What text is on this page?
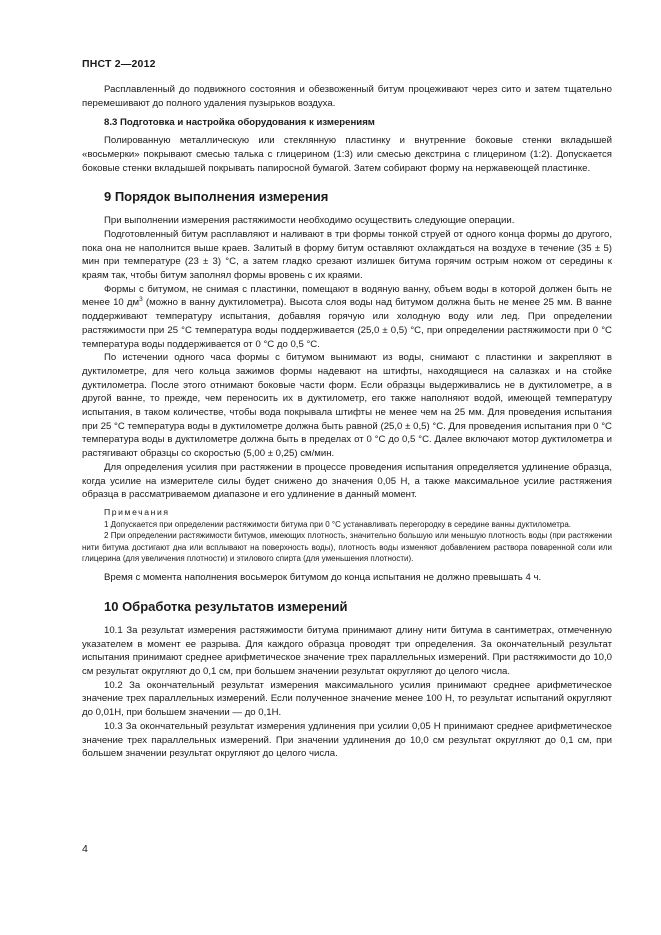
ПНСТ 2—2012

Расплавленный до подвижного состояния и обезвоженный битум процеживают через сито и затем тщательно перемешивают до полного удаления пузырьков воздуха.

8.3 Подготовка и настройка оборудования к измерениям

Полированную металлическую или стеклянную пластинку и внутренние боковые стенки вкладышей «восьмерки» покрывают смесью талька с глицерином (1:3) или смесью декстрина с глицерином (1:2). Допускается боковые стенки вкладышей покрывать папиросной бумагой. Затем собирают форму на нержавеющей пластинке.

9 Порядок выполнения измерения

При выполнении измерения растяжимости необходимо осуществить следующие операции.

Подготовленный битум расплавляют и наливают в три формы тонкой струей от одного конца формы до другого, пока она не наполнится выше краев. Залитый в форму битум оставляют охлаждаться на воздухе в течение (35 ± 5) мин при температуре (23 ± 3) °С, а затем гладко срезают излишек битума горячим острым ножом от середины к краям так, чтобы битум заполнял формы вровень с их краями.

Формы с битумом, не снимая с пластинки, помещают в водяную ванну, объем воды в которой должен быть не менее 10 $дм^3$ (можно в ванну дуктилометра). Высота слоя воды над битумом должна быть не менее 25 мм. В ванне поддерживают температуру испытания, добавляя горячую или холодную воду или лед. При определении растяжимости при 25 °С температура воды поддерживается (25,0 ± 0,5) °С, при определении растяжимости при 0 °С температура воды поддерживается от 0 °С до 0,5 °С.

По истечении одного часа формы с битумом вынимают из воды, снимают с пластинки и закрепляют в дуктилометре, для чего кольца зажимов формы надевают на штифты, находящиеся на салазках и на стойке дуктилометра. После этого отнимают боковые части форм. Если образцы выдерживались не в дуктилометре, а в другой ванне, то прежде, чем переносить их в дуктилометр, его также наполняют водой, имеющей температуру испытания, в таком количестве, чтобы вода покрывала штифты не менее чем на 25 мм. Для проведения испытания при 25 °С температура воды в дуктилометре должна быть равной (25,0 ± 0,5) °С. Для проведения испытания при 0 °С температура воды в дуктилометре должна быть в пределах от 0 °С до 0,5 °С. Далее включают мотор дуктилометра и растягивают образцы со скоростью (5,00 ± 0,25) см/мин.

Для определения усилия при растяжении в процессе проведения испытания определяется удлинение образца, когда усилие на измерителе силы будет снижено до значения 0,05 Н, а также максимальное усилие растяжения образца в рассматриваемом диапазоне и его удлинение в данный момент.

Примечания

1 Допускается при определении растяжимости битума при 0 °С устанавливать перегородку в середине ванны дуктилометра.

2 При определении растяжимости битумов, имеющих плотность, значительно большую или меньшую плотность воды (при растяжении нити битума достигают дна или всплывают на поверхность воды), плотность воды изменяют добавлением раствора поваренной соли или глицерина (для увеличения плотности) и этилового спирта (для уменьшения плотности).

Время с момента наполнения восьмерок битумом до конца испытания не должно превышать 4 ч.

10 Обработка результатов измерений

10.1 За результат измерения растяжимости битума принимают длину нити битума в сантиметрах, отмеченную указателем в момент ее разрыва. Для каждого образца проводят три определения. За окончательный результат испытания принимают среднее арифметическое значение трех параллельных измерений. При растяжимости до 10,0 см результат округляют до 0,1 см, при большем значении результат округляют до целого числа.

10.2 За окончательный результат измерения максимального усилия принимают среднее арифметическое значение трех параллельных измерений. Если полученное значение менее 100 Н, то результат испытаний округляют до 0,01Н, при большем значении — до 0,1Н.

10.3 За окончательный результат измерения удлинения при усилии 0,05 Н принимают среднее арифметическое значение трех параллельных измерений. При значении удлинения до 10,0 см результат округляют до 0,1 см, при большем значении результат округляют до целого числа.

4
